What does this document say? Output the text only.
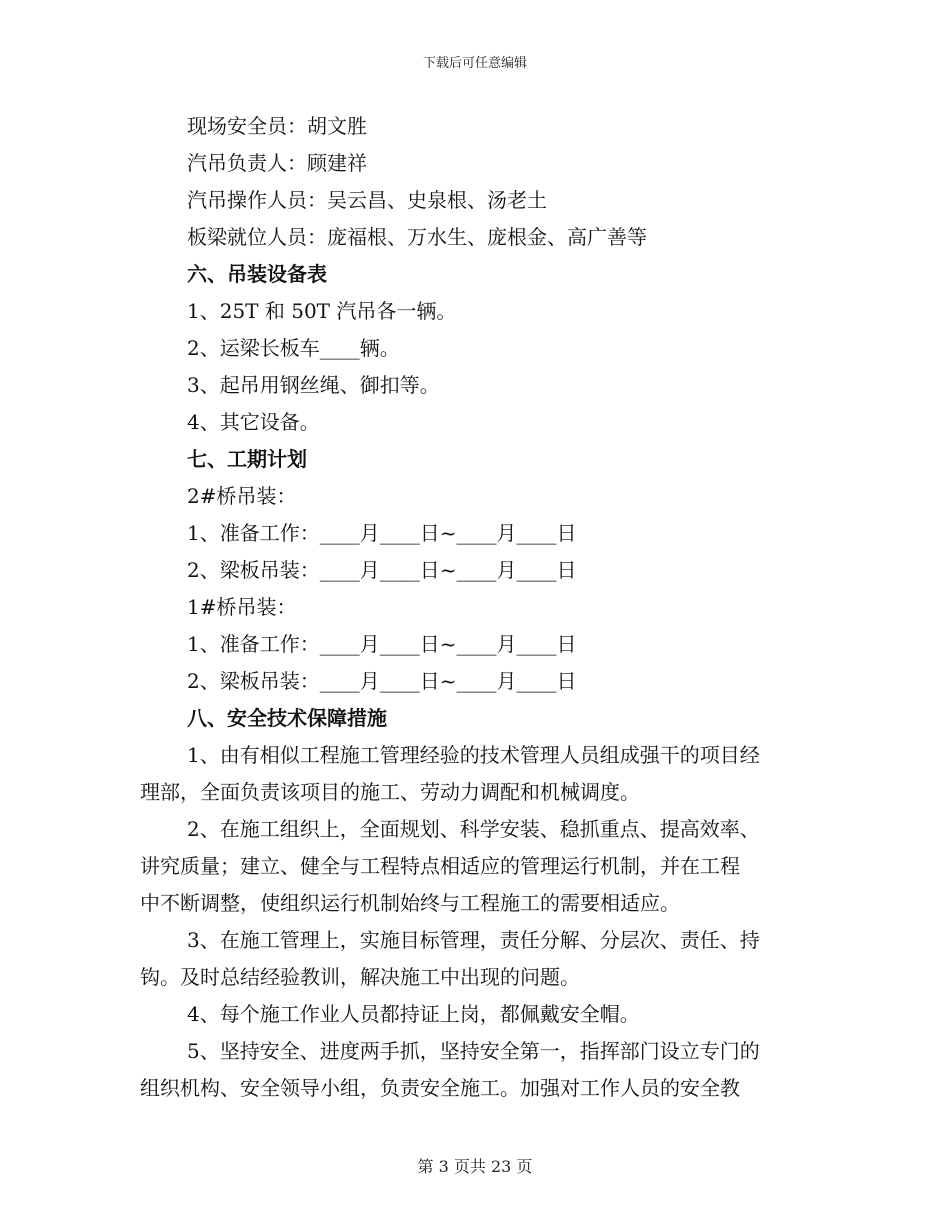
下载后可任意编辑
现场安全员：胡文胜
汽吊负责人：顾建祥
汽吊操作人员：吴云昌、史泉根、汤老土
板梁就位人员：庞福根、万水生、庞根金、高广善等
六、吊装设备表
1、25T 和 50T 汽吊各一辆。
2、运梁长板车____辆。
3、起吊用钢丝绳、御扣等。
4、其它设备。
七、工期计划
2#桥吊装：
1、准备工作：____月____日~____月____日
2、梁板吊装：____月____日~____月____日
1#桥吊装：
1、准备工作：____月____日~____月____日
2、梁板吊装：____月____日~____月____日
八、安全技术保障措施
1、由有相似工程施工管理经验的技术管理人员组成强干的项目经
理部，全面负责该项目的施工、劳动力调配和机械调度。
2、在施工组织上，全面规划、科学安装、稳抓重点、提高效率、
讲究质量；建立、健全与工程特点相适应的管理运行机制，并在工程
中不断调整，使组织运行机制始终与工程施工的需要相适应。
3、在施工管理上，实施目标管理，责任分解、分层次、责任、持
钩。及时总结经验教训，解决施工中出现的问题。
4、每个施工作业人员都持证上岗，都佩戴安全帽。
5、坚持安全、进度两手抓，坚持安全第一，指挥部门设立专门的
组织机构、安全领导小组，负责安全施工。加强对工作人员的安全教
第 3 页共 23 页
